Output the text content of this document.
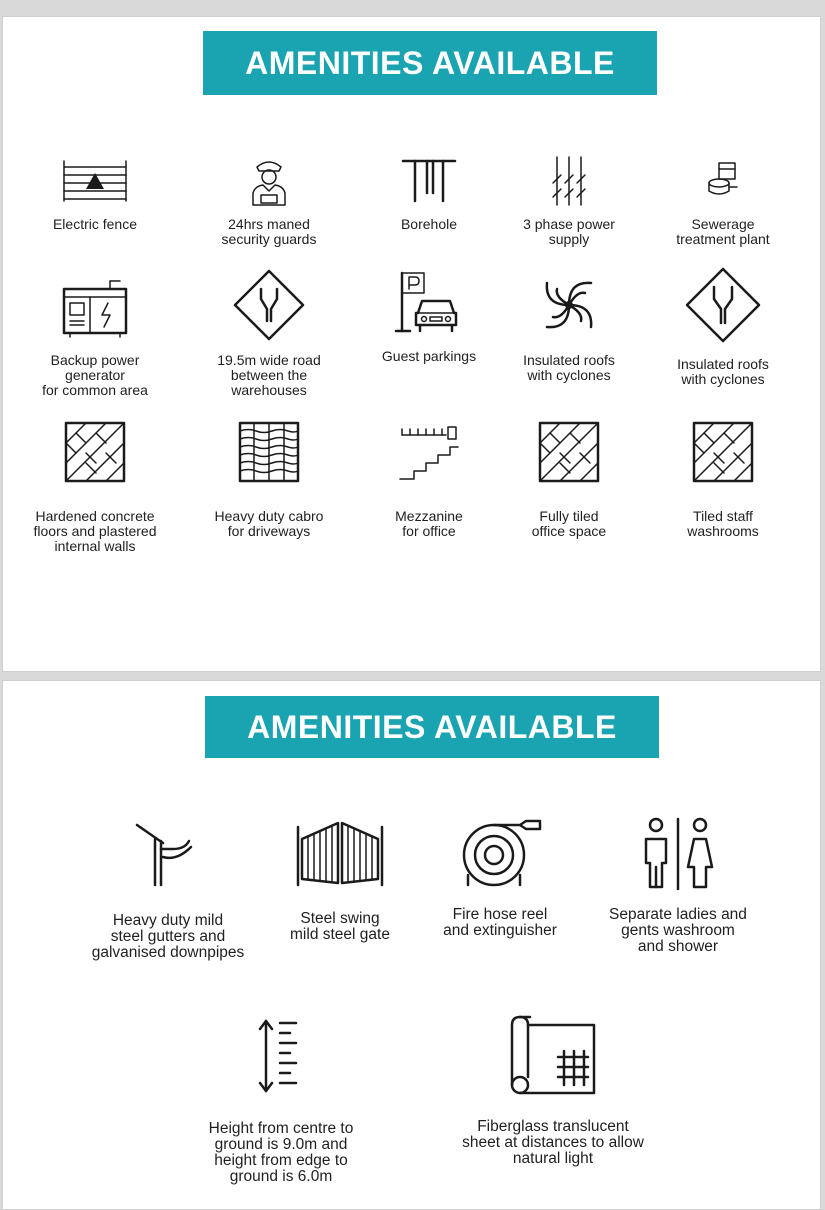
AMENITIES AVAILABLE
Electric fence	24hrs maned
security guards
Borehole	3 phase power
supply
Sewerage
treatment plant
Backup power
generator
for common area
19.5m wide road
between the
warehouses
Guest parkings	Insulated roofs
with cyclones
Insulated roofs
with cyclones
Hardened concrete
floors and plastered
internal walls
Heavy duty cabro
for driveways
Mezzanine
for office
Fully tiled
office space
Tiled staff
washrooms
AMENITIES AVAILABLE
Heavy duty mild
steel gutters and
galvanised downpipes
Steel swing
mild steel gate
Fire hose reel
and extinguisher
Separate ladies and
gents washroom
and shower
Height from centre to
ground is 9.0m and
height from edge to
ground is 6.0m
Fiberglass translucent
sheet at distances to allow
natural light
